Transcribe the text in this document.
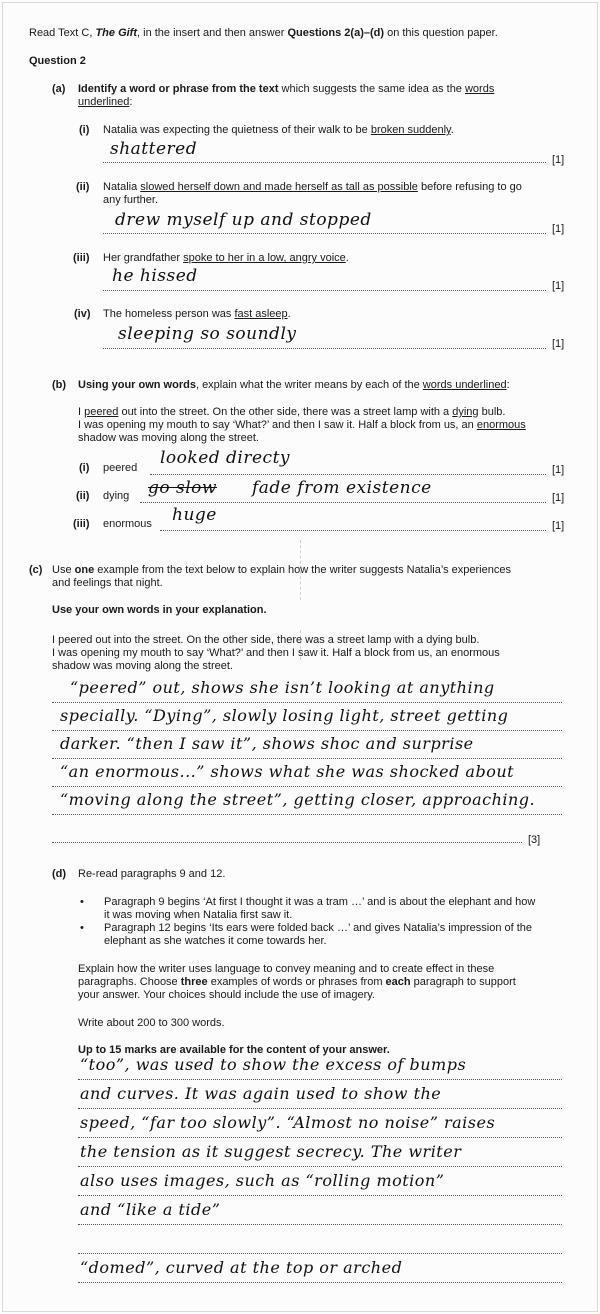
Read Text C, The Gift, in the insert and then answer Questions 2(a)–(d) on this question paper.
Question 2
(a) Identify a word or phrase from the text which suggests the same idea as the words
underlined:
(i) Natalia was expecting the quietness of their walk to be broken suddenly.
shattered
[1]
(ii) Natalia slowed herself down and made herself as tall as possible before refusing to go
any further.
drew myself up and stopped	[1]
(iii) Her grandfather spoke to her in a low, angry voice.
he hissed	[1]
(iv) The homeless person was fast asleep.
sleeping so soundly	[1]
(b) Using your own words, explain what the writer means by each of the words underlined:
I peered out into the street. On the other side, there was a street lamp with a dying bulb.
I was opening my mouth to say ‘What?’ and then I saw it. Half a block from us, an enormous
shadow was moving along the street.
(i) peered looked directy
[1]
(ii) dying go slow fade from existence	[1]
(iii) enormous huge
[1]
(c) Use one example from the text below to explain how the writer suggests Natalia’s experiences
and feelings that night.
Use your own words in your explanation.
I peered out into the street. On the other side, there was a street lamp with a dying bulb.
I was opening my mouth to say ‘What?’ and then I saw it. Half a block from us, an enormous
shadow was moving along the street.
“peered” out, shows she isn’t looking at anything
specially. “Dying”, slowly losing light, street getting
darker. “then I saw it”, shows shoc and surprise
“an enormous...” shows what she was shocked about
“moving along the street”, getting closer, approaching.
[3]
(d) Re-read paragraphs 9 and 12.
• Paragraph 9 begins ‘At first I thought it was a tram …’ and is about the elephant and how
it was moving when Natalia first saw it.
• Paragraph 12 begins ‘Its ears were folded back …’ and gives Natalia’s impression of the
elephant as she watches it come towards her.
Explain how the writer uses language to convey meaning and to create effect in these
paragraphs. Choose three examples of words or phrases from each paragraph to support
your answer. Your choices should include the use of imagery.
Write about 200 to 300 words.
Up to 15 marks are available for the content of your answer.
“too”, was used to show the excess of bumps
and curves. It was again used to show the
speed, “far too slowly”. “Almost no noise” raises
the tension as it suggest secrecy. The writer
also uses images, such as “rolling motion”
and “like a tide”
“domed”, curved at the top or arched
